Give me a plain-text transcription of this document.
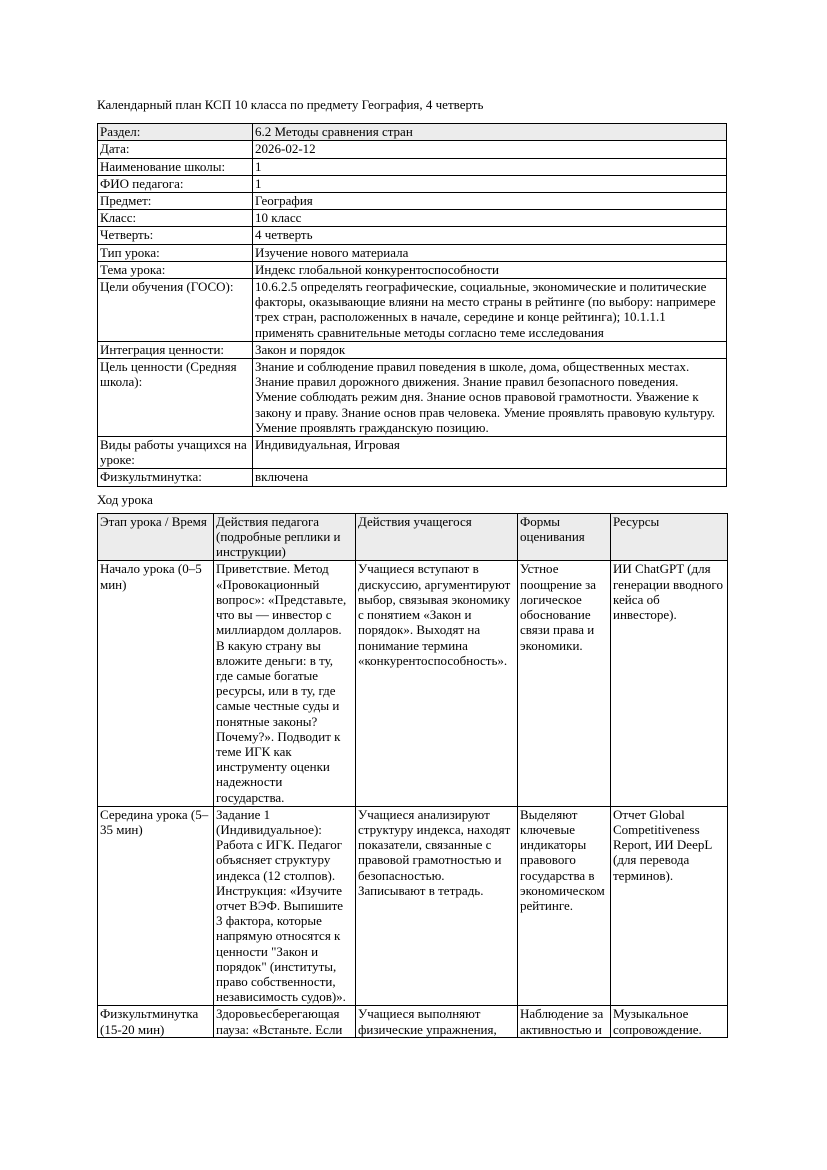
Календарный план КСП 10 класса по предмету География, 4 четверть
Раздел:	6.2 Методы сравнения стран
Дата:	2026-02-12
Наименование школы:	1
ФИО педагога:	1
Предмет:	География
Класс:	10 класс
Четверть:	4 четверть
Тип урока:	Изучение нового материала
Тема урока:	Индекс глобальной конкурентоспособности
Цели обучения (ГОСО):	10.6.2.5 определять географические, социальные, экономические и политические факторы, оказывающие влияни на место страны в рейтинге (по выбору: напримере трех стран, расположенных в начале, середине и конце рейтинга); 10.1.1.1 применять сравнительные методы согласно теме исследования
Интеграция ценности:	Закон и порядок
Цель ценности (Средняя школа):	Знание и соблюдение правил поведения в школе, дома, общественных местах. Знание правил дорожного движения. Знание правил безопасного поведения. Умение соблюдать режим дня. Знание основ правовой грамотности. Уважение к закону и праву. Знание основ прав человека. Умение проявлять правовую культуру. Умение проявлять гражданскую позицию.
Виды работы учащихся на уроке:	Индивидуальная, Игровая
Физкультминутка:	включена
Ход урока
Этап урока / Время	Действия педагога (подробные реплики и инструкции)	Действия учащегося	Формы оценивания	Ресурсы
Начало урока (0–5 мин)	Приветствие. Метод «Провокационный вопрос»: «Представьте, что вы — инвестор с миллиардом долларов. В какую страну вы вложите деньги: в ту, где самые богатые ресурсы, или в ту, где самые честные суды и понятные законы? Почему?». Подводит к теме ИГК как инструменту оценки надежности государства.	Учащиеся вступают в дискуссию, аргументируют выбор, связывая экономику с понятием «Закон и порядок». Выходят на понимание термина «конкурентоспособность».	Устное поощрение за логическое обоснование связи права и экономики.	ИИ ChatGPT (для генерации вводного кейса об инвесторе).
Середина урока (5–35 мин)	Задание 1 (Индивидуальное): Работа с ИГК. Педагог объясняет структуру индекса (12 столпов). Инструкция: «Изучите отчет ВЭФ. Выпишите 3 фактора, которые напрямую относятся к ценности "Закон и порядок" (институты, право собственности, независимость судов)».	Учащиеся анализируют структуру индекса, находят показатели, связанные с правовой грамотностью и безопасностью. Записывают в тетрадь.	Выделяют ключевые индикаторы правового государства в экономическом рейтинге.	Отчет Global Competitiveness Report, ИИ DeepL (для перевода терминов).

Физкультминутка (15-20 мин)	Здоровьесберегающая пауза: «Встаньте. Если	Учащиеся выполняют физические упражнения,	Наблюдение за активностью и	Музыкальное сопровождение.
